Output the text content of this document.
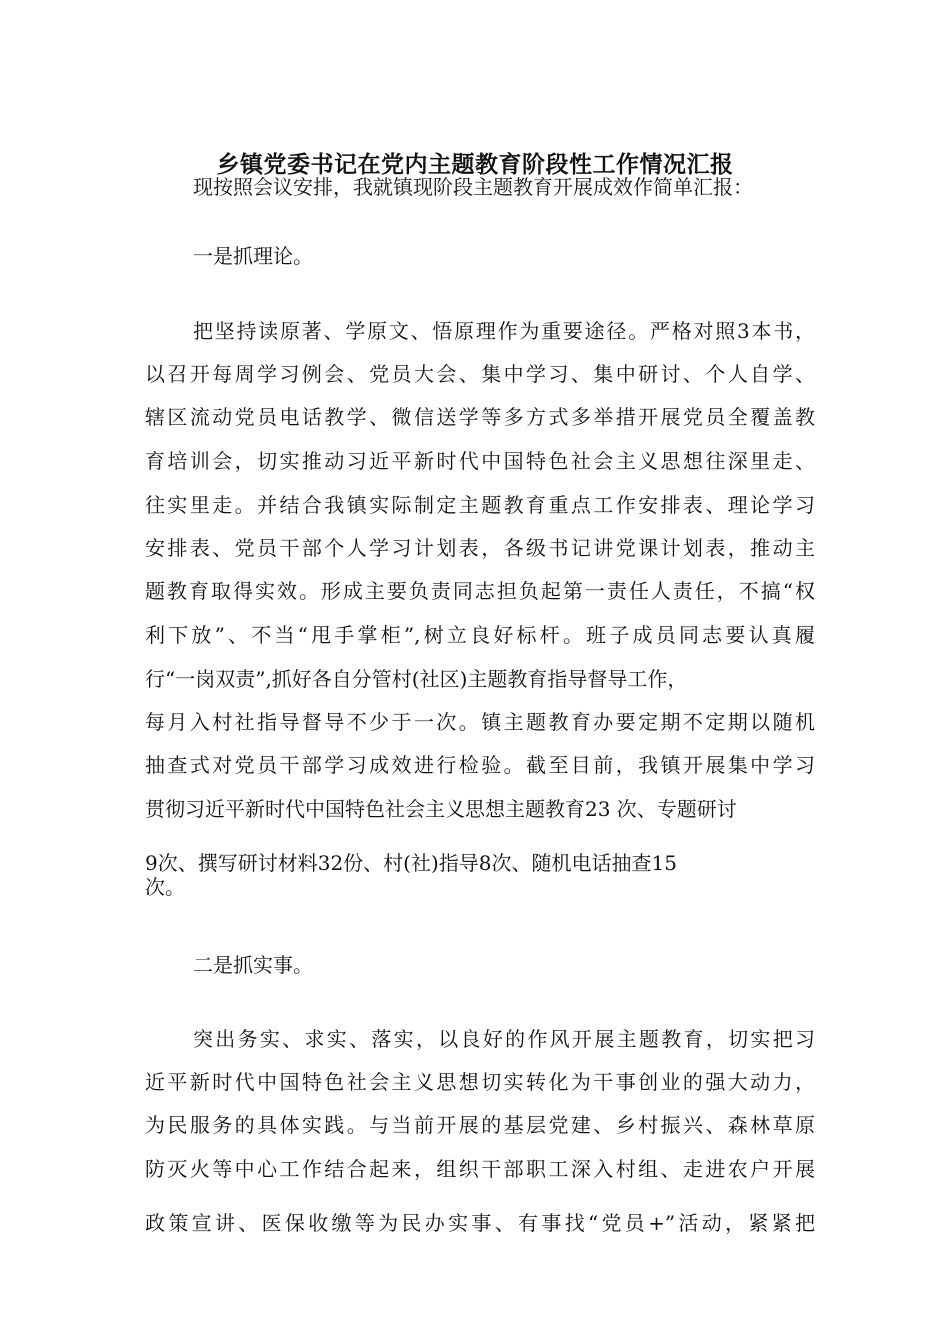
乡镇党委书记在党内主题教育阶段性工作情况汇报

现按照会议安排，我就镇现阶段主题教育开展成效作简单汇报：

一是抓理论。

把坚持读原著、学原文、悟原理作为重要途径。严格对照3本书，

以召开每周学习例会、党员大会、集中学习、集中研讨、个人自学、

辖区流动党员电话教学、微信送学等多方式多举措开展党员全覆盖教

育培训会，切实推动习近平新时代中国特色社会主义思想往深里走、

往实里走。并结合我镇实际制定主题教育重点工作安排表、理论学习

安排表、党员干部个人学习计划表，各级书记讲党课计划表，推动主

题教育取得实效。形成主要负责同志担负起第一责任人责任，不搞“权

利下放”、不当“甩手掌柜”,树立良好标杆。班子成员同志要认真履

行“一岗双责”,抓好各自分管村(社区)主题教育指导督导工作，

每月入村社指导督导不少于一次。镇主题教育办要定期不定期以随机

抽查式对党员干部学习成效进行检验。截至目前，我镇开展集中学习

贯彻习近平新时代中国特色社会主义思想主题教育23 次、专题研讨

9次、撰写研讨材料32份、村(社)指导8次、随机电话抽查15

次。

二是抓实事。

突出务实、求实、落实，以良好的作风开展主题教育，切实把习

近平新时代中国特色社会主义思想切实转化为干事创业的强大动力，

为民服务的具体实践。与当前开展的基层党建、乡村振兴、森林草原

防灭火等中心工作结合起来，组织干部职工深入村组、走进农户开展

政策宣讲、医保收缴等为民办实事、有事找“党员+”活动，紧紧把
